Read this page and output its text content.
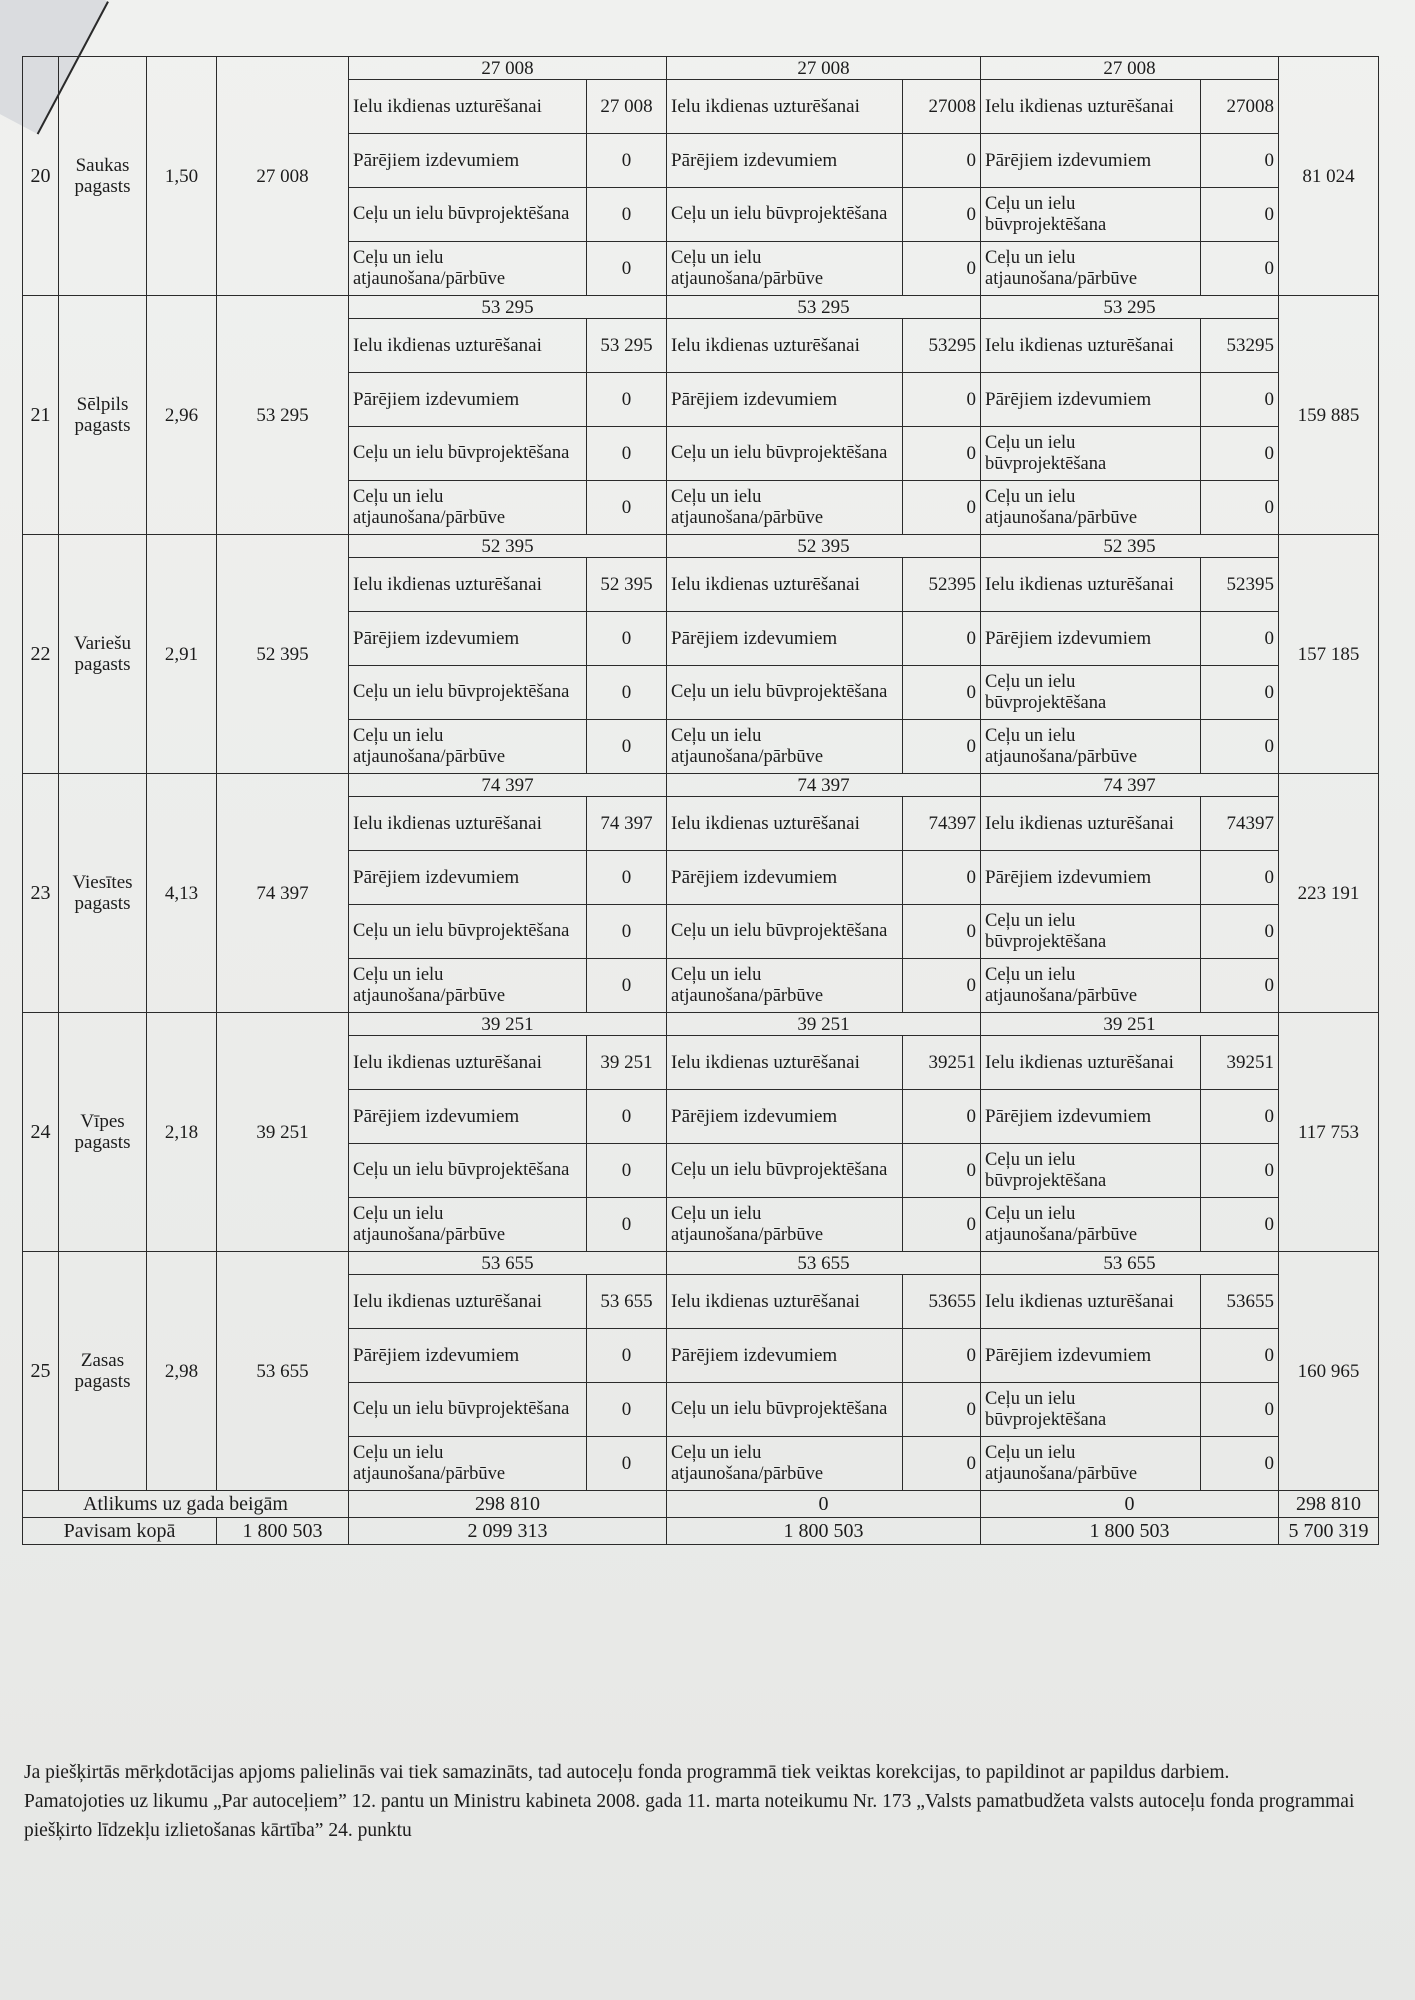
20	Saukas pagasts	1,50	27 008	27 008		27 008		27 008		81 024
				Ielu ikdienas uzturēšanai	27 008	Ielu ikdienas uzturēšanai	27008	Ielu ikdienas uzturēšanai	27008	
				Pārējiem izdevumiem	0	Pārējiem izdevumiem	0	Pārējiem izdevumiem	0	
				Ceļu un ielu būvprojektēšana	0	Ceļu un ielu būvprojektēšana	0	Ceļu un ielu būvprojektēšana	0	
				Ceļu un ielu atjaunošana/pārbūve	0	Ceļu un ielu atjaunošana/pārbūve	0	Ceļu un ielu atjaunošana/pārbūve	0	
21	Sēlpils pagasts	2,96	53 295	53 295		53 295		53 295		159 885
				Ielu ikdienas uzturēšanai	53 295	Ielu ikdienas uzturēšanai	53295	Ielu ikdienas uzturēšanai	53295	
				Pārējiem izdevumiem	0	Pārējiem izdevumiem	0	Pārējiem izdevumiem	0	
				Ceļu un ielu būvprojektēšana	0	Ceļu un ielu būvprojektēšana	0	Ceļu un ielu būvprojektēšana	0	
				Ceļu un ielu atjaunošana/pārbūve	0	Ceļu un ielu atjaunošana/pārbūve	0	Ceļu un ielu atjaunošana/pārbūve	0	
22	Variešu pagasts	2,91	52 395	52 395		52 395		52 395		157 185
				Ielu ikdienas uzturēšanai	52 395	Ielu ikdienas uzturēšanai	52395	Ielu ikdienas uzturēšanai	52395	
				Pārējiem izdevumiem	0	Pārējiem izdevumiem	0	Pārējiem izdevumiem	0	
				Ceļu un ielu būvprojektēšana	0	Ceļu un ielu būvprojektēšana	0	Ceļu un ielu būvprojektēšana	0	
				Ceļu un ielu atjaunošana/pārbūve	0	Ceļu un ielu atjaunošana/pārbūve	0	Ceļu un ielu atjaunošana/pārbūve	0	
23	Viesītes pagasts	4,13	74 397	74 397		74 397		74 397		223 191
				Ielu ikdienas uzturēšanai	74 397	Ielu ikdienas uzturēšanai	74397	Ielu ikdienas uzturēšanai	74397	
				Pārējiem izdevumiem	0	Pārējiem izdevumiem	0	Pārējiem izdevumiem	0	
				Ceļu un ielu būvprojektēšana	0	Ceļu un ielu būvprojektēšana	0	Ceļu un ielu būvprojektēšana	0	
				Ceļu un ielu atjaunošana/pārbūve	0	Ceļu un ielu atjaunošana/pārbūve	0	Ceļu un ielu atjaunošana/pārbūve	0	
24	Vīpes pagasts	2,18	39 251	39 251		39 251		39 251		117 753
				Ielu ikdienas uzturēšanai	39 251	Ielu ikdienas uzturēšanai	39251	Ielu ikdienas uzturēšanai	39251	
				Pārējiem izdevumiem	0	Pārējiem izdevumiem	0	Pārējiem izdevumiem	0	
				Ceļu un ielu būvprojektēšana	0	Ceļu un ielu būvprojektēšana	0	Ceļu un ielu būvprojektēšana	0	
				Ceļu un ielu atjaunošana/pārbūve	0	Ceļu un ielu atjaunošana/pārbūve	0	Ceļu un ielu atjaunošana/pārbūve	0	
25	Zasas pagasts	2,98	53 655	53 655		53 655		53 655		160 965
				Ielu ikdienas uzturēšanai	53 655	Ielu ikdienas uzturēšanai	53655	Ielu ikdienas uzturēšanai	53655	
				Pārējiem izdevumiem	0	Pārējiem izdevumiem	0	Pārējiem izdevumiem	0	
				Ceļu un ielu būvprojektēšana	0	Ceļu un ielu būvprojektēšana	0	Ceļu un ielu būvprojektēšana	0	
				Ceļu un ielu atjaunošana/pārbūve	0	Ceļu un ielu atjaunošana/pārbūve	0	Ceļu un ielu atjaunošana/pārbūve	0	
Atlikums uz gada beigām				298 810		0		0		298 810
Pavisam kopā			1 800 503	2 099 313		1 800 503		1 800 503		5 700 319

Ja piešķirtās mērķdotācijas apjoms palielinās vai tiek samazināts, tad autoceļu fonda programmā tiek veiktas korekcijas, to papildinot ar papildus darbiem.

Pamatojoties uz likumu „Par autoceļiem” 12. pantu un Ministru kabineta 2008. gada 11. marta noteikumu Nr. 173 „Valsts pamatbudžeta valsts autoceļu fonda programmai piešķirto līdzekļu izlietošanas kārtība” 24. punktu
